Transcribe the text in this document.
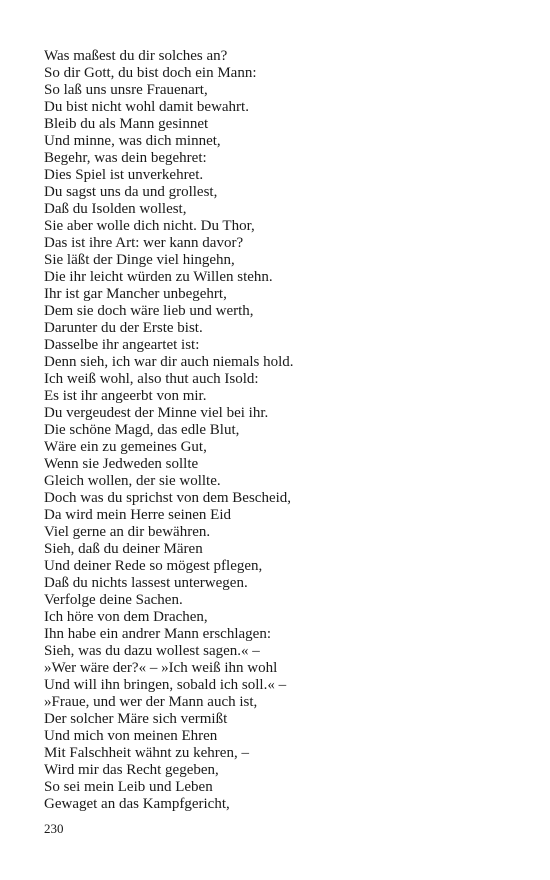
Was maßest du dir solches an?
So dir Gott, du bist doch ein Mann:
So laß uns unsre Frauenart,
Du bist nicht wohl damit bewahrt.
Bleib du als Mann gesinnet
Und minne, was dich minnet,
Begehr, was dein begehret:
Dies Spiel ist unverkehret.
Du sagst uns da und grollest,
Daß du Isolden wollest,
Sie aber wolle dich nicht. Du Thor,
Das ist ihre Art: wer kann davor?
Sie läßt der Dinge viel hingehn,
Die ihr leicht würden zu Willen stehn.
Ihr ist gar Mancher unbegehrt,
Dem sie doch wäre lieb und werth,
Darunter du der Erste bist.
Dasselbe ihr angeartet ist:
Denn sieh, ich war dir auch niemals hold.
Ich weiß wohl, also thut auch Isold:
Es ist ihr angeerbt von mir.
Du vergeudest der Minne viel bei ihr.
Die schöne Magd, das edle Blut,
Wäre ein zu gemeines Gut,
Wenn sie Jedweden sollte
Gleich wollen, der sie wollte.
Doch was du sprichst von dem Bescheid,
Da wird mein Herre seinen Eid
Viel gerne an dir bewähren.
Sieh, daß du deiner Mären
Und deiner Rede so mögest pflegen,
Daß du nichts lassest unterwegen.
Verfolge deine Sachen.
Ich höre von dem Drachen,
Ihn habe ein andrer Mann erschlagen:
Sieh, was du dazu wollest sagen.« –
»Wer wäre der?« – »Ich weiß ihn wohl
Und will ihn bringen, sobald ich soll.« –
»Fraue, und wer der Mann auch ist,
Der solcher Märe sich vermißt
Und mich von meinen Ehren
Mit Falschheit wähnt zu kehren, –
Wird mir das Recht gegeben,
So sei mein Leib und Leben
Gewaget an das Kampfgericht,
230
